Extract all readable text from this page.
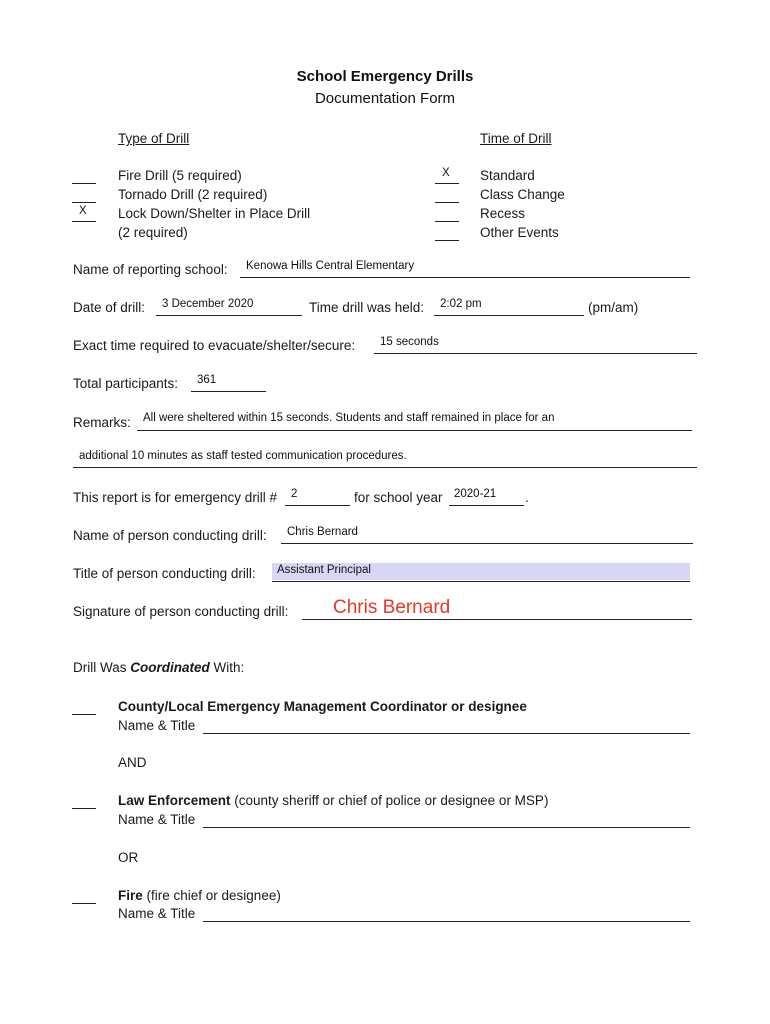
School Emergency Drills
Documentation Form
Type of Drill
Fire Drill (5 required)
Tornado Drill (2 required)
X Lock Down/Shelter in Place Drill
(2 required)
Time of Drill
X Standard
Class Change
Recess
Other Events
Name of reporting school: Kenowa Hills Central Elementary
Date of drill: 3 December 2020	Time drill was held: 2:02 pm	(pm/am)
Exact time required to evacuate/shelter/secure: 15 seconds
Total participants: 361
Remarks: All were sheltered within 15 seconds. Students and staff remained in place for an
additional 10 minutes as staff tested communication procedures.
This report is for emergency drill # 2	for school year 2020-21 .
Name of person conducting drill: Chris Bernard
Title of person conducting drill: Assistant Principal
Signature of person conducting drill: Chris Bernard
Drill Was Coordinated With:
County/Local Emergency Management Coordinator or designee
Name & Title
AND
Law Enforcement (county sheriff or chief of police or designee or MSP)
Name & Title
OR
Fire (fire chief or designee)
Name & Title
